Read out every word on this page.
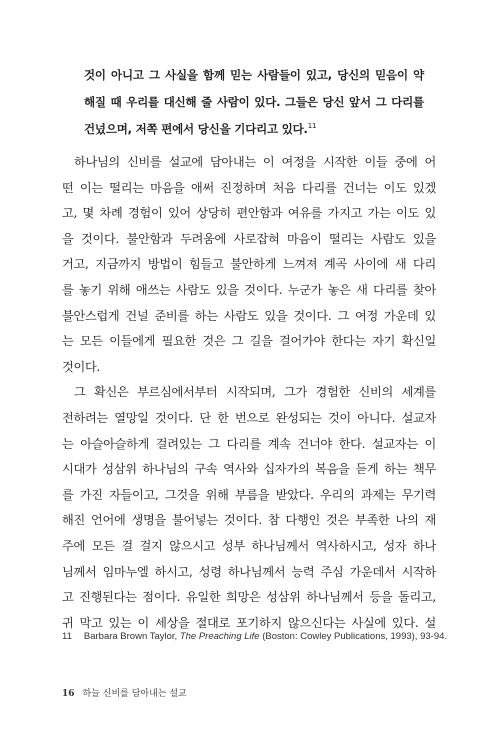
것이 아니고 그 사실을 함께 믿는 사람들이 있고, 당신의 믿음이 약
해질 때 우리를 대신해 줄 사람이 있다. 그들은 당신 앞서 그 다리를
건넜으며, 저쪽 편에서 당신을 기다리고 있다.$^{11}$
하나님의 신비를 설교에 담아내는 이 여정을 시작한 이들 중에 어
떤 이는 떨리는 마음을 애써 진정하며 처음 다리를 건너는 이도 있겠
고, 몇 차례 경험이 있어 상당히 편안함과 여유를 가지고 가는 이도 있
을 것이다. 불안함과 두려움에 사로잡혀 마음이 떨리는 사람도 있을
거고, 지금까지 방법이 힘들고 불안하게 느껴져 계곡 사이에 새 다리
를 놓기 위해 애쓰는 사람도 있을 것이다. 누군가 놓은 새 다리를 찾아
불안스럽게 건널 준비를 하는 사람도 있을 것이다. 그 여정 가운데 있
는 모든 이들에게 필요한 것은 그 길을 걸어가야 한다는 자기 확신일
것이다.
그 확신은 부르심에서부터 시작되며, 그가 경험한 신비의 세계를
전하려는 열망일 것이다. 단 한 번으로 완성되는 것이 아니다. 설교자
는 아슬아슬하게 걸려있는 그 다리를 계속 건너야 한다. 설교자는 이
시대가 성삼위 하나님의 구속 역사와 십자가의 복음을 듣게 하는 책무
를 가진 자들이고, 그것을 위해 부름을 받았다. 우리의 과제는 무기력
해진 언어에 생명을 불어넣는 것이다. 참 다행인 것은 부족한 나의 재
주에 모든 걸 걸지 않으시고 성부 하나님께서 역사하시고, 성자 하나
님께서 임마누엘 하시고, 성령 하나님께서 능력 주심 가운데서 시작하
고 진행된다는 점이다. 유일한 희망은 성삼위 하나님께서 등을 돌리고,
귀 막고 있는 이 세상을 절대로 포기하지 않으신다는 사실에 있다. 설
11 Barbara Brown Taylor, The Preaching Life (Boston: Cowley Publications, 1993), 93-94.
16 하늘 신비를 담아내는 설교
